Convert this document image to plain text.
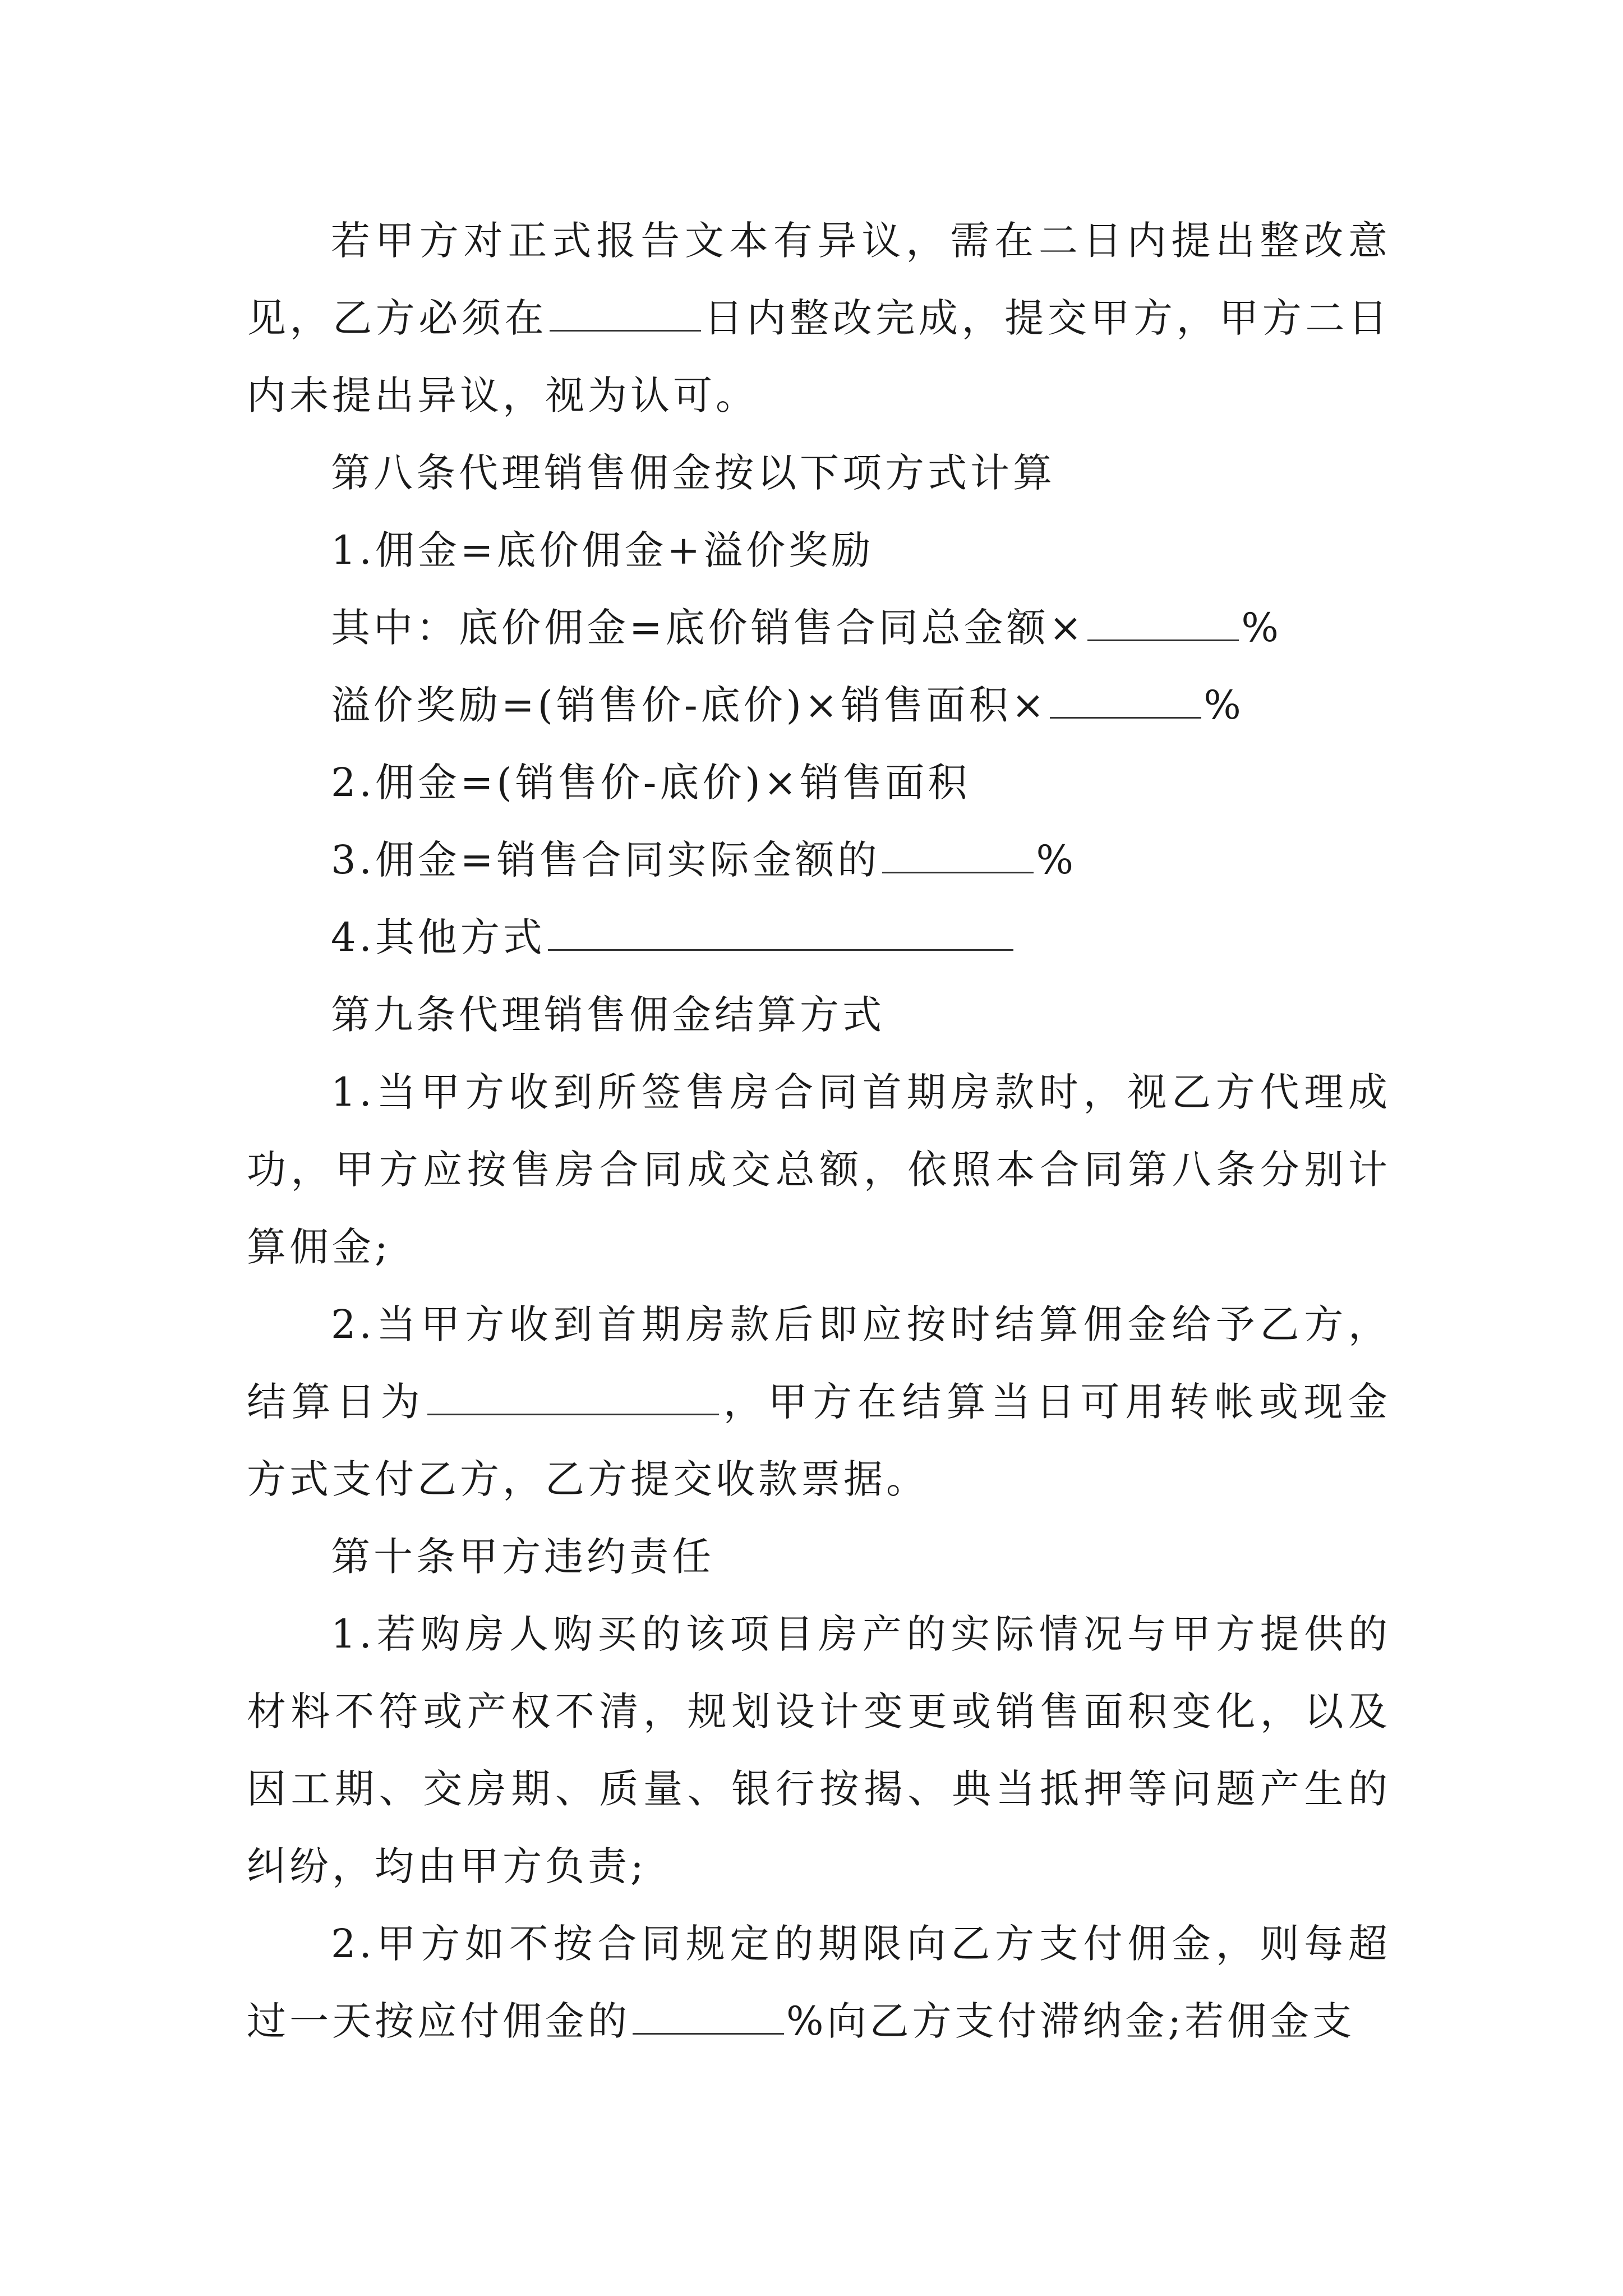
若甲方对正式报告文本有异议，需在二日内提出整改意见，乙方必须在	日内整改完成，提交甲方，甲方二日内未提出异议，视为认可。

第八条代理销售佣金按以下项方式计算

1.佣金=底价佣金+溢价奖励

其中：底价佣金=底价销售合同总金额×	%

溢价奖励=(销售价-底价)×销售面积×	%

2.佣金=(销售价-底价)×销售面积

3.佣金=销售合同实际金额的	%

4.其他方式

第九条代理销售佣金结算方式

1.当甲方收到所签售房合同首期房款时，视乙方代理成功，甲方应按售房合同成交总额，依照本合同第八条分别计算佣金;

2.当甲方收到首期房款后即应按时结算佣金给予乙方，结算日为	，甲方在结算当日可用转帐或现金方式支付乙方，乙方提交收款票据。

第十条甲方违约责任

1.若购房人购买的该项目房产的实际情况与甲方提供的材料不符或产权不清，规划设计变更或销售面积变化，以及因工期、交房期、质量、银行按揭、典当抵押等问题产生的纠纷，均由甲方负责;

2.甲方如不按合同规定的期限向乙方支付佣金，则每超过一天按应付佣金的	%向乙方支付滞纳金;若佣金支
